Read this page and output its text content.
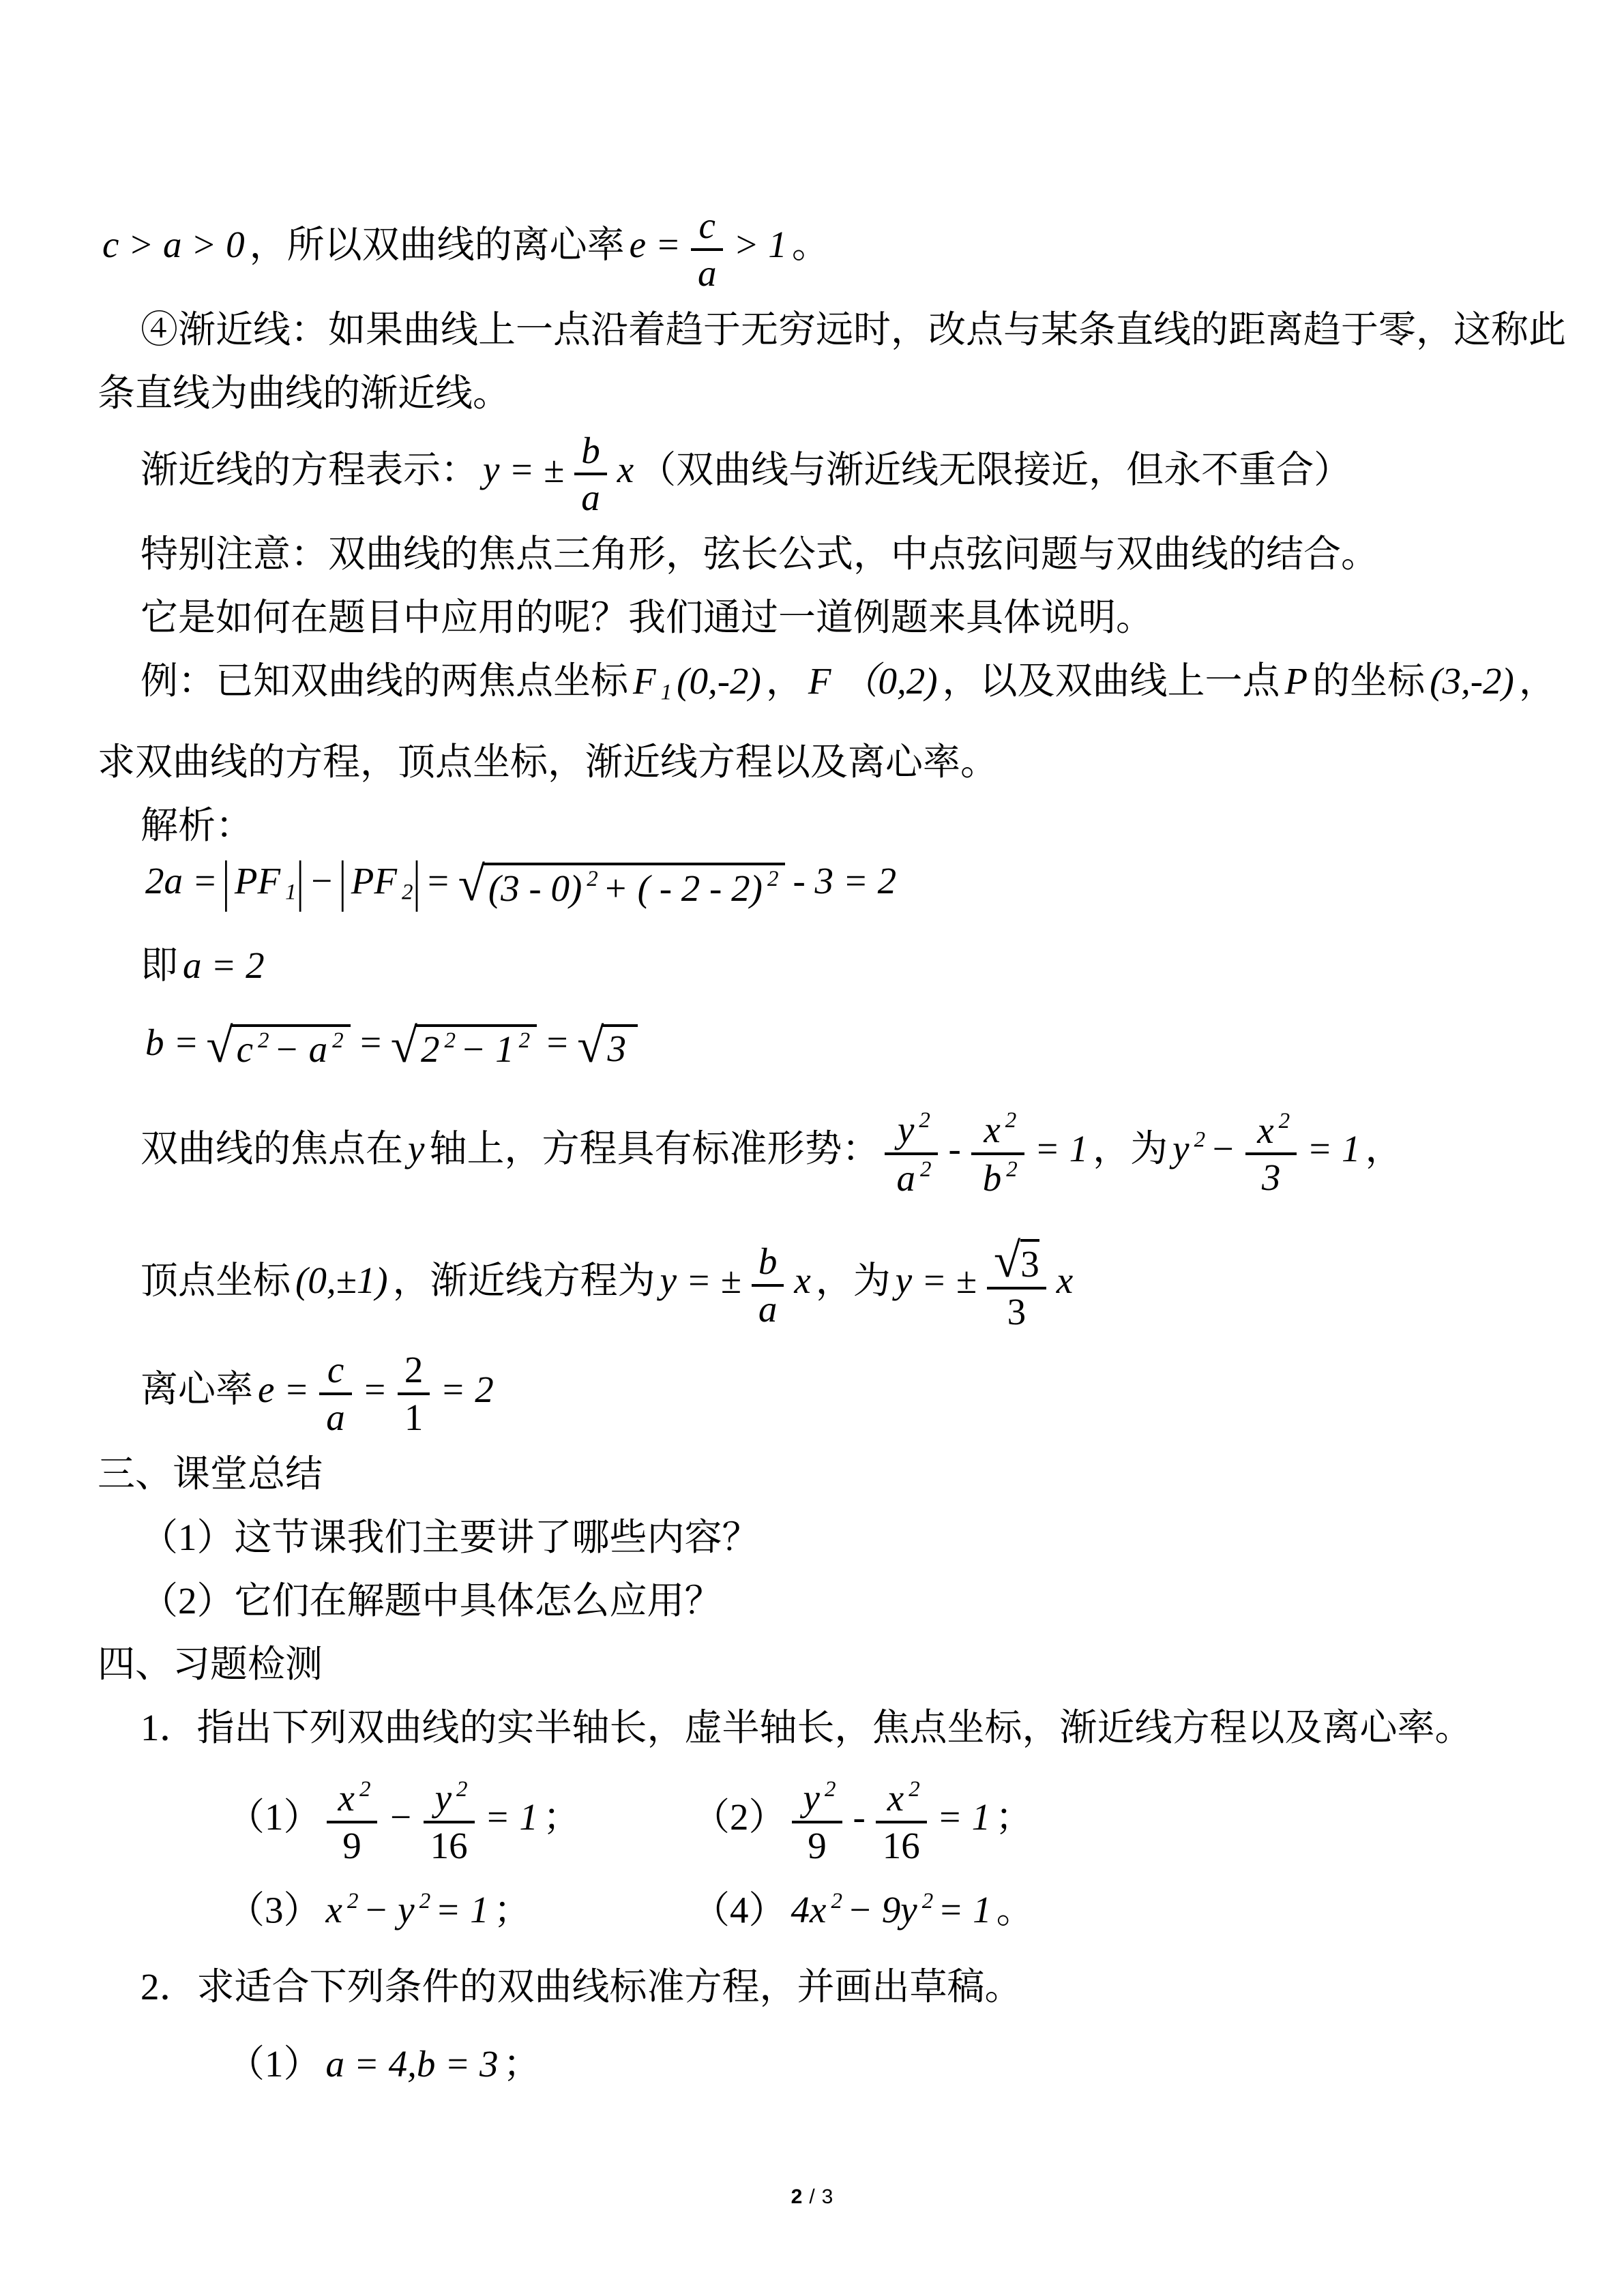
c > a > 0 ，所以双曲线的离心率 $e = \frac{c}{a} > 1$ 。
④渐近线：如果曲线上一点沿着趋于无穷远时，改点与某条直线的距离趋于零，这称此
条直线为曲线的渐近线。
渐近线的方程表示： y = ± $\frac{b}{a}$ x （双曲线与渐近线无限接近，但永不重合）
特别注意：双曲线的焦点三角形，弦长公式，中点弦问题与双曲线的结合。
它是如何在题目中应用的呢？我们通过一道例题来具体说明。
例：已知双曲线的两焦点坐标 F $_1$ (0,-2) ， F （0,2) ，以及双曲线上一点 P 的坐标 (3,-2) ，
求双曲线的方程，顶点坐标，渐近线方程以及离心率。
解析：
2a = | PF $_1$| − | PF $_2$| = √ (3 - 0) $^2$ + ( - 2 - 2) $^2$ - 3 = 2
即 a = 2
b = √ c $^2$ − a $^2$ = √ 2 $^2$ − 1 $^2$ = √ 3
双曲线的焦点在 y 轴上，方程具有标准形势： $\frac{y ^2}{a ^2} - \frac{x ^2}{b ^2} = 1$ ，为 y $^2 - \frac{x ^2}{3} = 1$ ，
顶点坐标 (0,±1) ，渐近线方程为 y = ± $\frac{b}{a}$ x ，为 y = ± $\frac{√3}{3}$ x
离心率 $e = \frac{c}{a} = \frac{2}{1} = 2$
三、课堂总结
（1）这节课我们主要讲了哪些内容？
（2）它们在解题中具体怎么应用？
四、习题检测
1．指出下列双曲线的实半轴长，虚半轴长，焦点坐标，渐近线方程以及离心率。
$(1) \frac{x ^2}{9} - \frac{y ^2}{16} = 1$ ；	$(2) \frac{y ^2}{9} - \frac{x ^2}{16} = 1$ ；
（3） x $^2$ − y $^2$ = 1 ；	（4） 4x $^2$ − 9y $^2$ = 1 。
2．求适合下列条件的双曲线标准方程，并画出草稿。
（1） a = 4,b = 3 ；
2 / 3
